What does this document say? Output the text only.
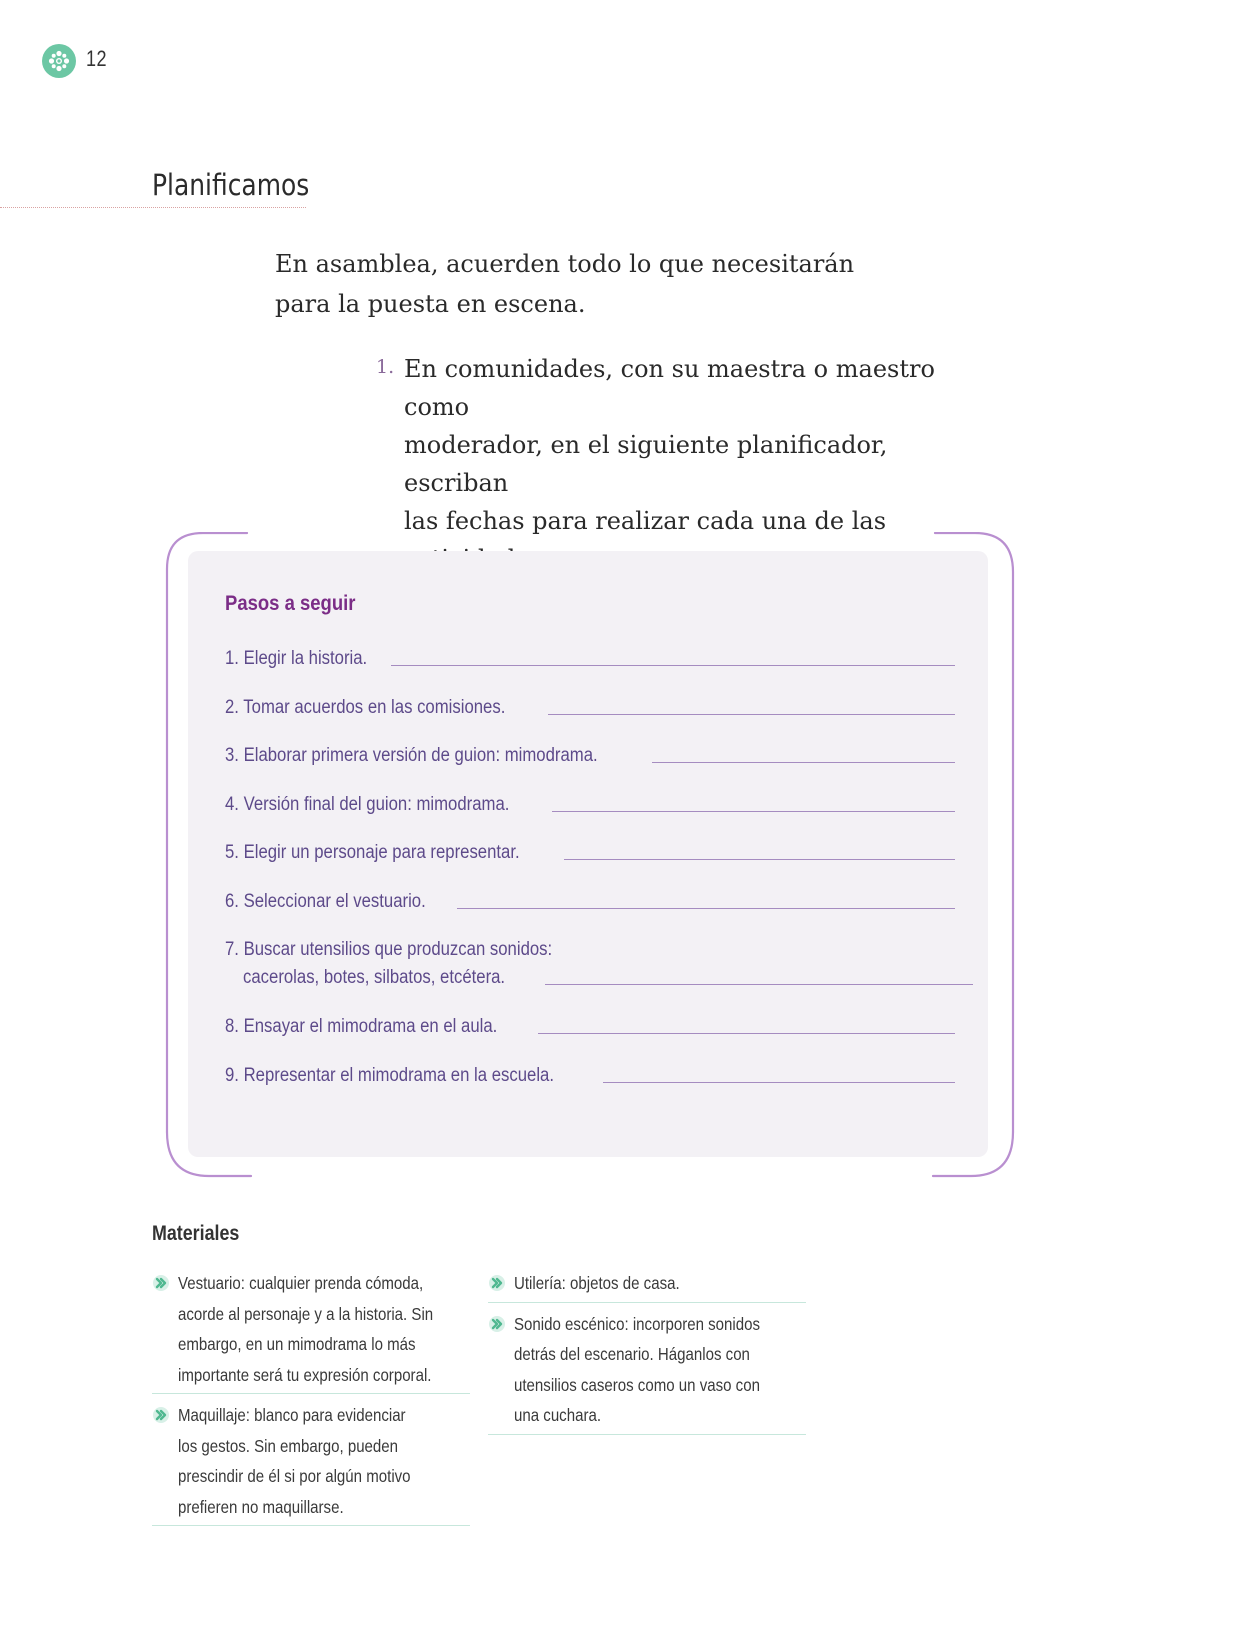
12
Planificamos

En asamblea, acuerden todo lo que necesitarán
para la puesta en escena.

1. En comunidades, con su maestra o maestro como
moderador, en el siguiente planificador, escriban
las fechas para realizar cada una de las

Pasos a seguir
1. Elegir la historia.
2. Tomar acuerdos en las comisiones.
3. Elaborar primera versión de guion: mimodrama.
4. Versión final del guion: mimodrama.
5. Elegir un personaje para representar.
6. Seleccionar el vestuario.
7. Buscar utensilios que produzcan sonidos:
cacerolas, botes, silbatos, etcétera.
8. Ensayar el mimodrama en el aula.
9. Representar el mimodrama en la escuela.
Materiales
Vestuario: cualquier prenda cómoda,
acorde al personaje y a la historia. Sin
embargo, en un mimodrama lo más
importante será tu expresión corporal.
Maquillaje: blanco para evidenciar
los gestos. Sin embargo, pueden
prescindir de él si por algún motivo
prefieren no maquillarse.
Utilería: objetos de casa.
Sonido escénico: incorporen sonidos
detrás del escenario. Háganlos con
utensilios caseros como un vaso con
una cuchara.
